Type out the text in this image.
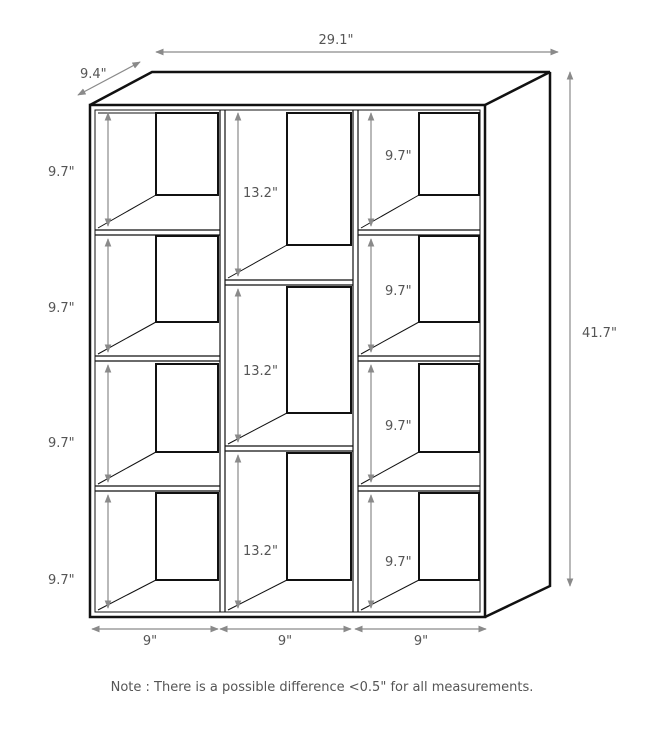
29.1"
9.4"
41.7"
9.7"
9.7"
9.7"
9.7"
13.2"
13.2"
13.2"
9.7"
9.7"
9.7"
9.7"
9"	9"	9"
Note : There is a possible difference <0.5" for all measurements.
